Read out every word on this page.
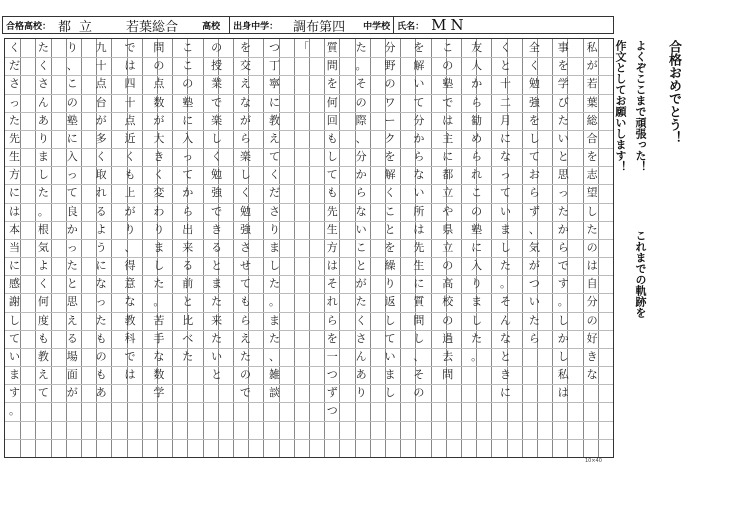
合格高校： 都 立	若葉総合	高校	出身中学：	調布第四	中学校 氏名： MN
私
が
若
葉
総
合
を
志
望
し
た
の
は
自
分
の
好
き
な
事
を
学
び
た
い
と
思
っ
た
か
ら
で
す
。
し
か
し
私
は
全
く
勉
強
を
し
て
お
ら
ず
、
気
が
つ
い
た
ら
く
と
十
二
月
に
な
っ
て
い
ま
し
た
。
そ
ん
な
と
き
に
友
人
か
ら
勧
め
ら
れ
こ
の
塾
に
入
り
ま
し
た
。
こ
の
塾
で
は
主
に
都
立
や
県
立
の
高
校
の
過
去
問
を
解
い
て
分
か
ら
な
い
所
は
先
生
に
質
問
し
、
そ
の
分
野
の
ワ
ー
ク
を
解
く
こ
と
を
繰
り
返
し
て
い
ま
し
た
。
そ
の
際
、
分
か
ら
な
い
こ
と
が
た
く
さ
ん
あ
り
質
問
を
何
回
も
し
て
も
先
生
方
は
そ
れ
ら
を
一
つ
ず
つ
「
つ
丁
寧
に
教
え
て
く
だ
さ
り
ま
し
た
。
ま
た
、
雑
談
を
交
え
な
が
ら
楽
し
く
勉
強
さ
せ
て
も
ら
え
た
の
で
の
授
業
で
楽
し
く
勉
強
で
き
る
と
ま
た
来
た
い
と
こ
こ
の
塾
に
入
っ
て
か
ら
出
来
る
前
と
比
べ
た
問
の
点
数
が
大
き
く
変
わ
り
ま
し
た
。
苦
手
な
数
学
で
は
四
十
点
近
く
も
上
が
り
、
得
意
な
教
科
で
は
九
十
点
台
が
多
く
取
れ
る
よ
う
に
な
っ
た
も
の
も
あ
り
、
こ
の
塾
に
入
っ
て
良
か
っ
た
と
思
え
る
場
面
が
た
く
さ
ん
あ
り
ま
し
た
。
根
気
よ
く
何
度
も
教
え
て
く
だ
さ
っ
た
先
生
方
に
は
本
当
に
感
謝
し
て
い
ま
す
。
10×40
合格おめでとう！
よくぞここまで頑張った！
作文としてお願いします！
これまでの軌跡を
